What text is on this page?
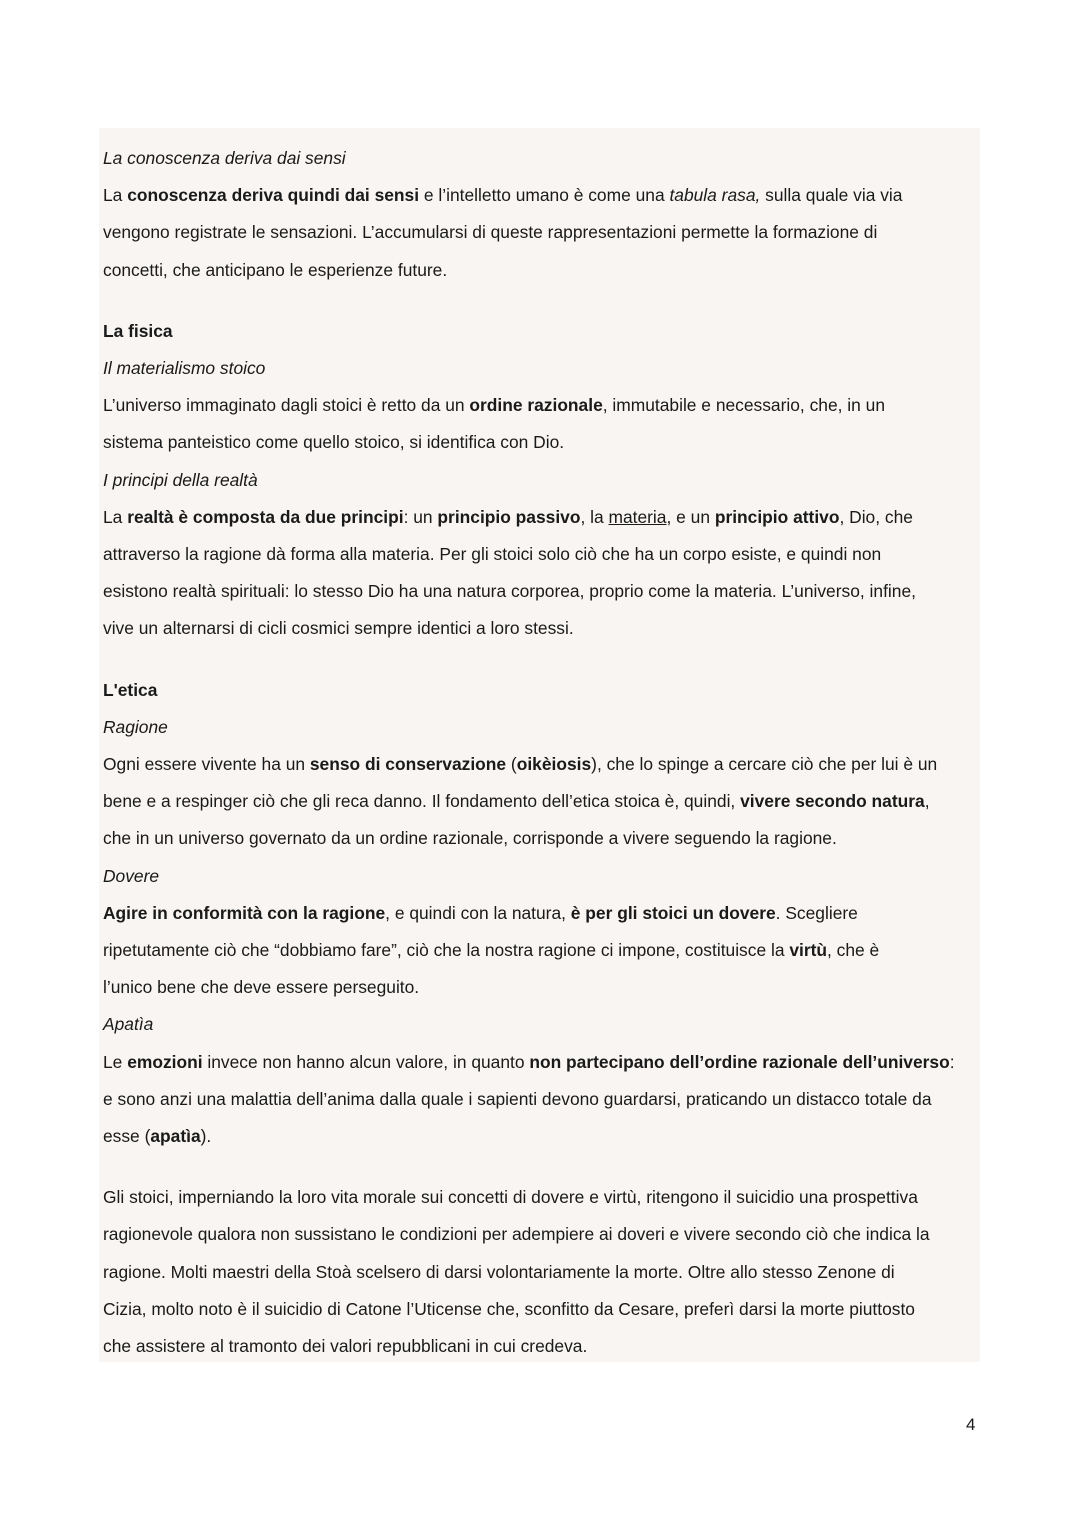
La conoscenza deriva dai sensi
La conoscenza deriva quindi dai sensi e l’intelletto umano è come una tabula rasa, sulla quale via via
vengono registrate le sensazioni. L’accumularsi di queste rappresentazioni permette la formazione di
concetti, che anticipano le esperienze future.
La fisica
Il materialismo stoico
L’universo immaginato dagli stoici è retto da un ordine razionale, immutabile e necessario, che, in un
sistema panteistico come quello stoico, si identifica con Dio.
I principi della realtà
La realtà è composta da due principi: un principio passivo, la materia, e un principio attivo, Dio, che
attraverso la ragione dà forma alla materia. Per gli stoici solo ciò che ha un corpo esiste, e quindi non
esistono realtà spirituali: lo stesso Dio ha una natura corporea, proprio come la materia. L’universo, infine,
vive un alternarsi di cicli cosmici sempre identici a loro stessi.
L'etica
Ragione
Ogni essere vivente ha un senso di conservazione (oikèiosis), che lo spinge a cercare ciò che per lui è un
bene e a respinger ciò che gli reca danno. Il fondamento dell’etica stoica è, quindi, vivere secondo natura,
che in un universo governato da un ordine razionale, corrisponde a vivere seguendo la ragione.
Dovere
Agire in conformità con la ragione, e quindi con la natura, è per gli stoici un dovere. Scegliere
ripetutamente ciò che “dobbiamo fare”, ciò che la nostra ragione ci impone, costituisce la virtù, che è
l’unico bene che deve essere perseguito.
Apatìa
Le emozioni invece non hanno alcun valore, in quanto non partecipano dell’ordine razionale dell’universo:
e sono anzi una malattia dell’anima dalla quale i sapienti devono guardarsi, praticando un distacco totale da
esse (apatìa).
Gli stoici, imperniando la loro vita morale sui concetti di dovere e virtù, ritengono il suicidio una prospettiva
ragionevole qualora non sussistano le condizioni per adempiere ai doveri e vivere secondo ciò che indica la
ragione. Molti maestri della Stoà scelsero di darsi volontariamente la morte. Oltre allo stesso Zenone di
Cizia, molto noto è il suicidio di Catone l’Uticense che, sconfitto da Cesare, preferì darsi la morte piuttosto
che assistere al tramonto dei valori repubblicani in cui credeva.
4
